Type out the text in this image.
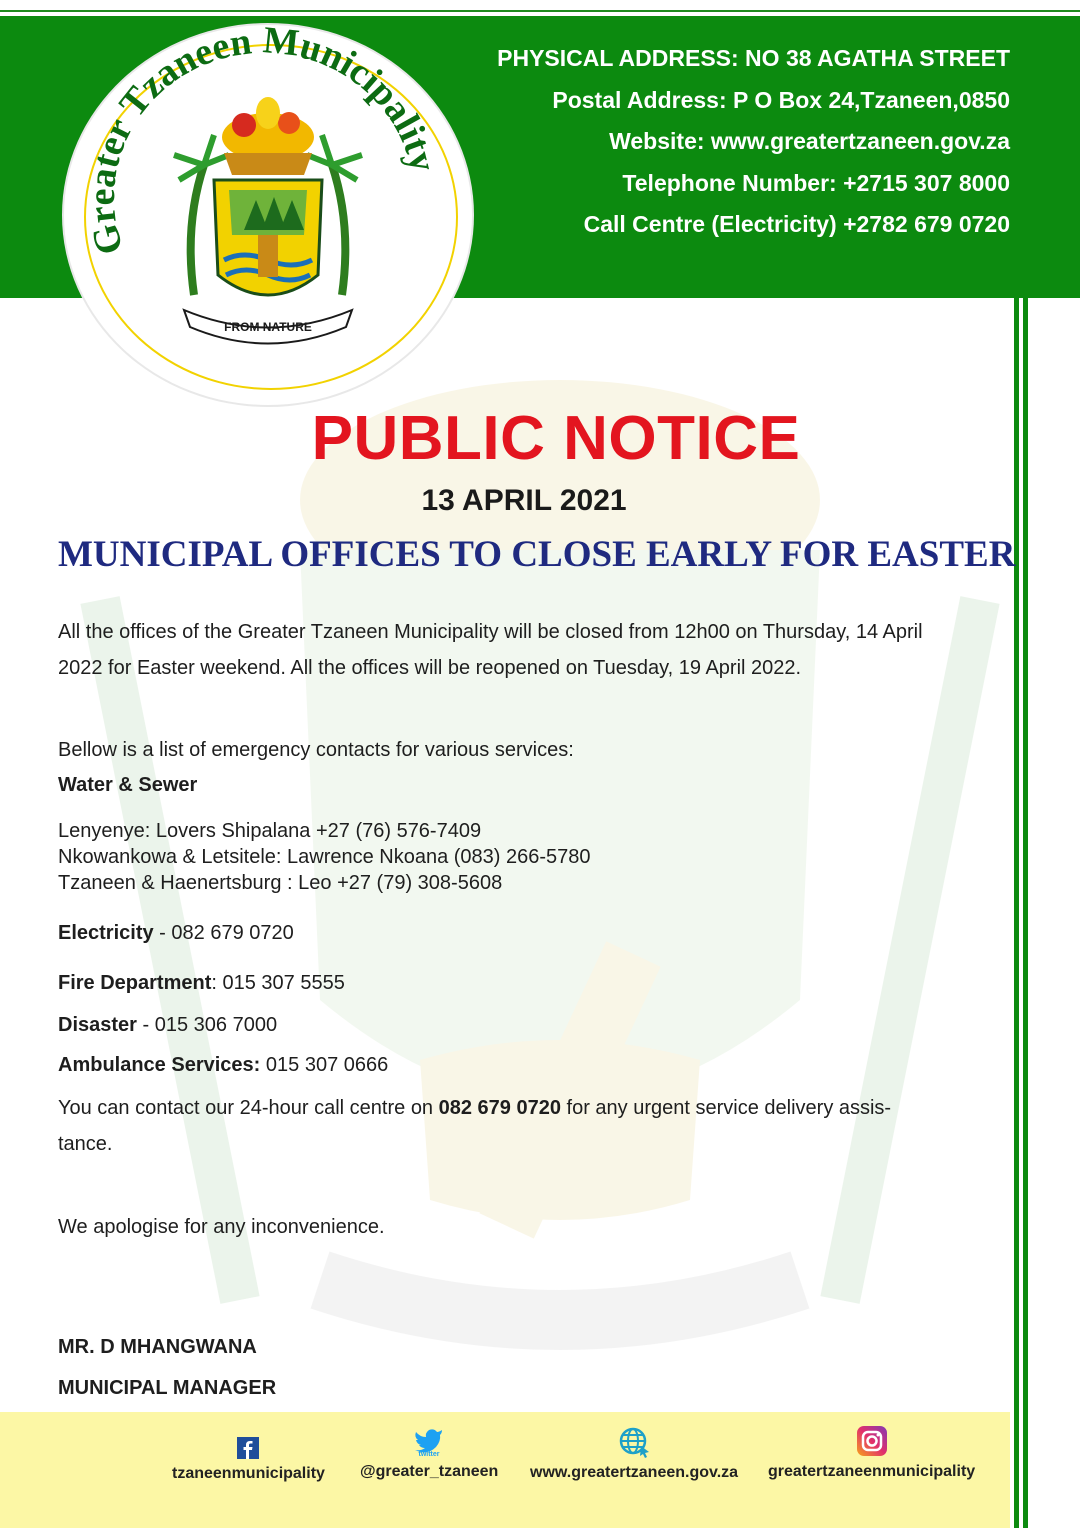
PHYSICAL ADDRESS: NO 38 AGATHA STREET
Postal Address: P O Box 24,Tzaneen,0850
Website: www.greatertzaneen.gov.za
Telephone Number: +2715 307 8000
Call Centre (Electricity) +2782 679 0720
Greater Tzaneen Municipality
FROM NATURE
PUBLIC NOTICE
13 APRIL 2021
MUNICIPAL OFFICES TO CLOSE EARLY FOR EASTER
All the offices of the Greater Tzaneen Municipality will be closed from 12h00 on Thursday, 14 April 2022 for Easter weekend. All the offices will be reopened on Tuesday, 19 April 2022.
Bellow is a list of emergency contacts for various services:
Water & Sewer
Lenyenye: Lovers Shipalana +27 (76) 576-7409
Nkowankowa & Letsitele: Lawrence Nkoana (083) 266-5780
Tzaneen & Haenertsburg : Leo +27 (79) 308-5608
Electricity - 082 679 0720
Fire Department: 015 307 5555
Disaster - 015 306 7000
Ambulance Services: 015 307 0666
You can contact our 24-hour call centre on 082 679 0720 for any urgent service delivery assis-
tance.
We apologise for any inconvenience.
MR. D MHANGWANA
MUNICIPAL MANAGER
tzaneenmunicipality
twitter
@greater_tzaneen www.greatertzaneen.gov.za greatertzaneenmunicipality
